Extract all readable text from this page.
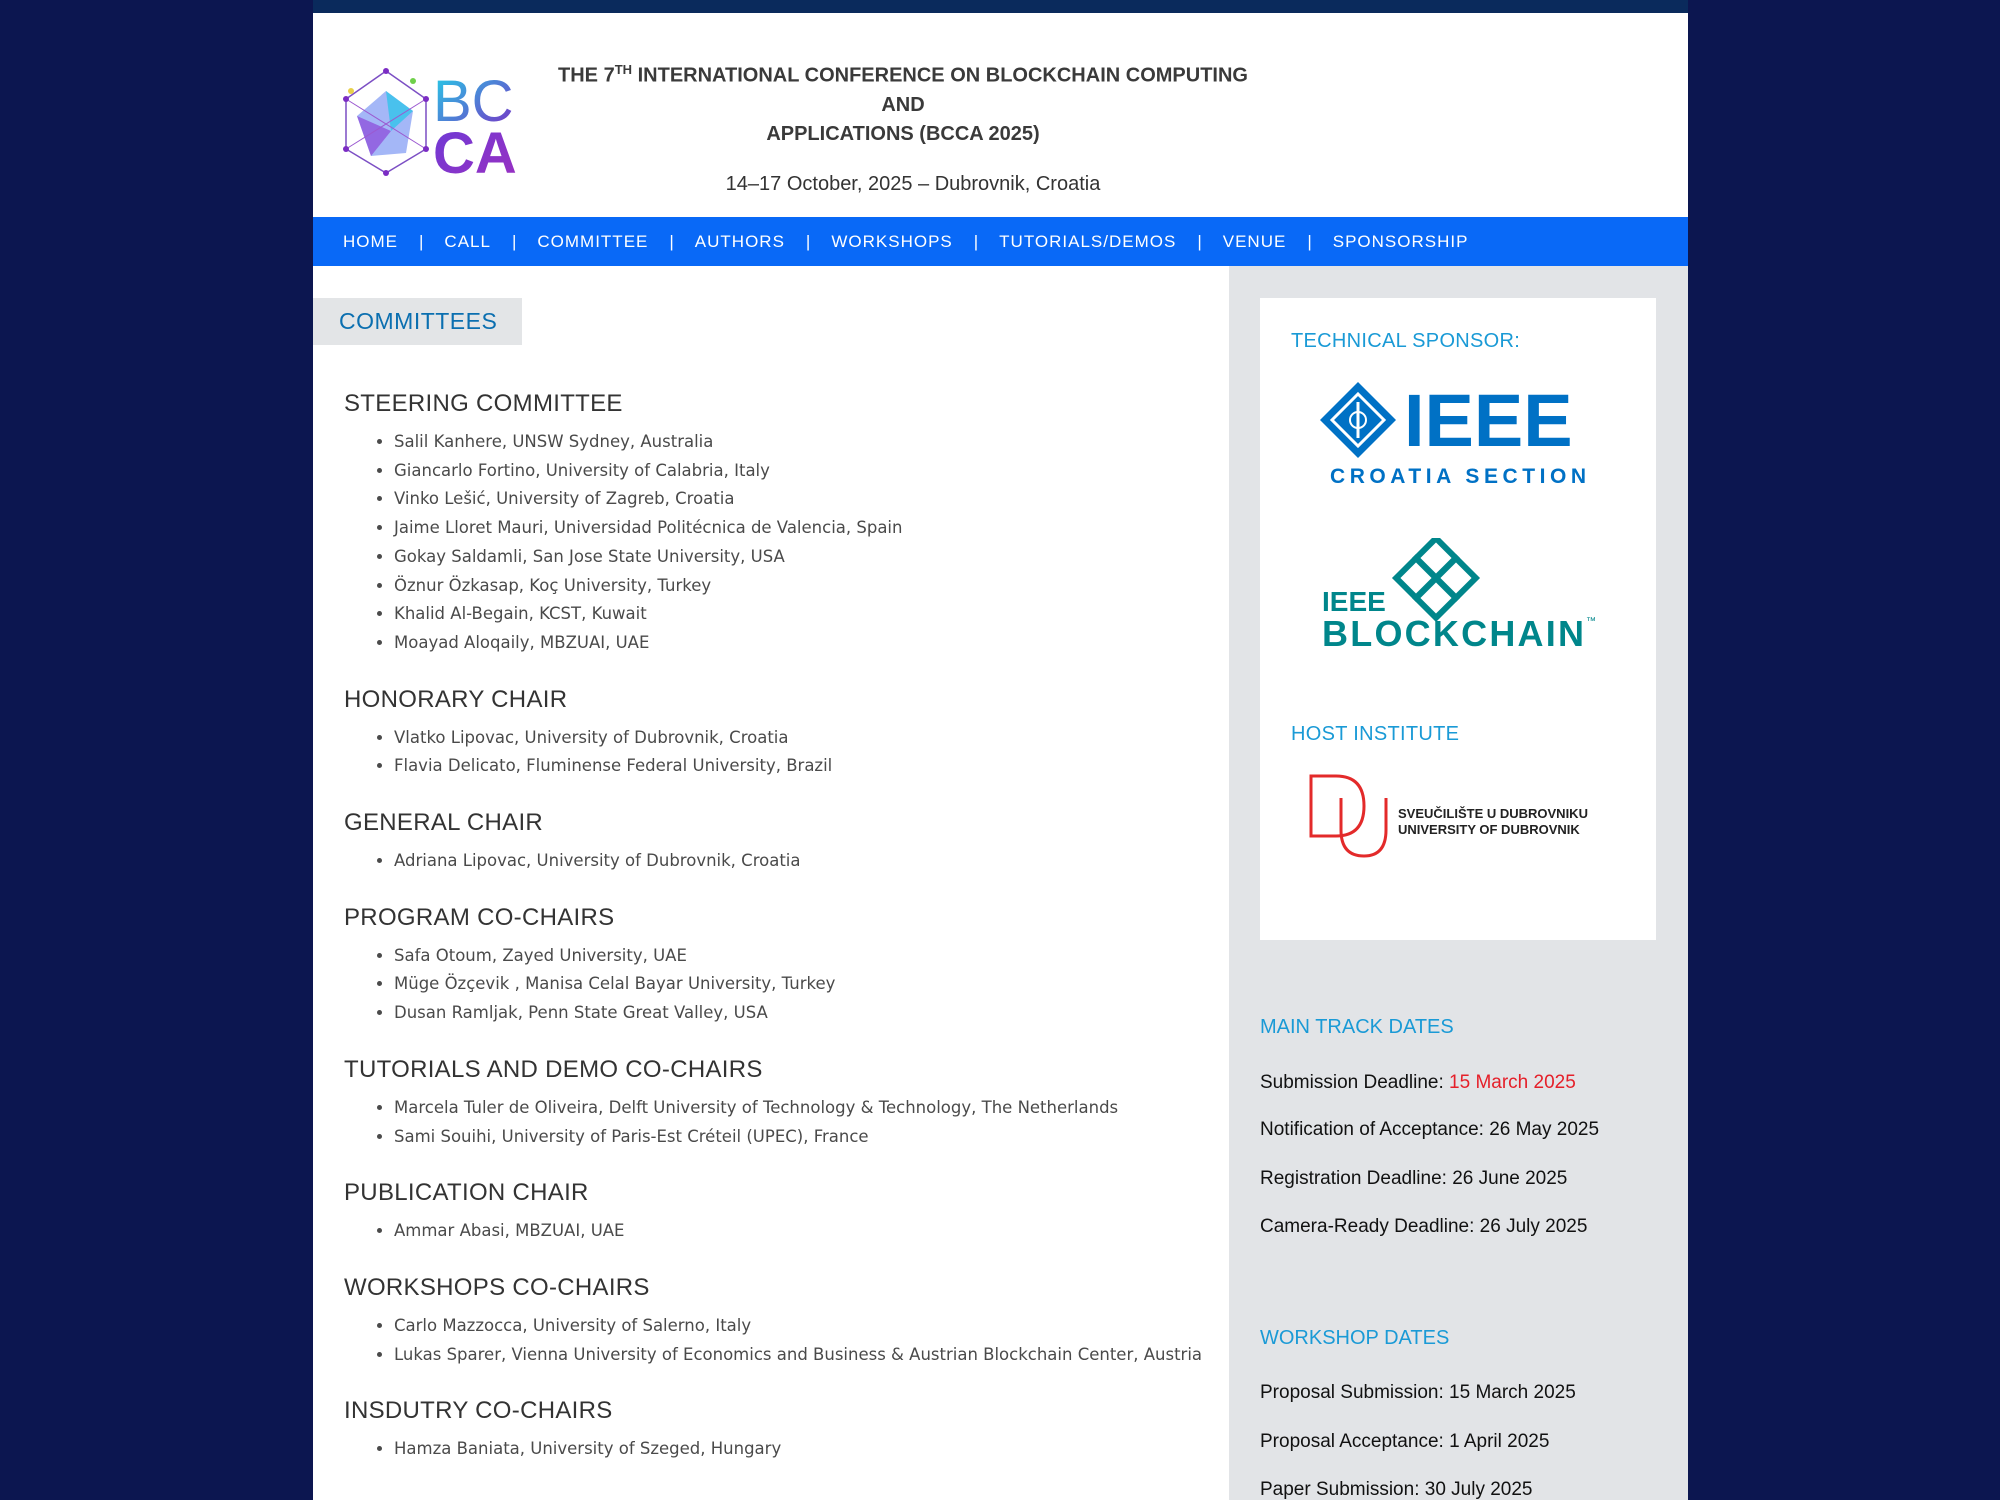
BC
CA

THE 7TH INTERNATIONAL CONFERENCE ON BLOCKCHAIN COMPUTING AND

APPLICATIONS (BCCA 2025)

14–17 October, 2025 – Dubrovnik, Croatia
HOME	|	CALL	|	COMMITTEE	|	AUTHORS	|	WORKSHOPS	|	TUTORIALS/DEMOS	|	VENUE	|	SPONSORSHIP
COMMITTEES
STEERING COMMITTEE
• Salil Kanhere, UNSW Sydney, Australia
• Giancarlo Fortino, University of Calabria, Italy
• Vinko Lešić, University of Zagreb, Croatia
• Jaime Lloret Mauri, Universidad Politécnica de Valencia, Spain
• Gokay Saldamli, San Jose State University, USA
• Öznur Özkasap, Koç University, Turkey
• Khalid Al-Begain, KCST, Kuwait
• Moayad Aloqaily, MBZUAI, UAE
HONORARY CHAIR
• Vlatko Lipovac, University of Dubrovnik, Croatia
• Flavia Delicato, Fluminense Federal University, Brazil
GENERAL CHAIR
• Adriana Lipovac, University of Dubrovnik, Croatia
PROGRAM CO-CHAIRS
• Safa Otoum, Zayed University, UAE
• Müge Özçevik , Manisa Celal Bayar University, Turkey
• Dusan Ramljak, Penn State Great Valley, USA
TUTORIALS AND DEMO CO-CHAIRS
• Marcela Tuler de Oliveira, Delft University of Technology & Technology, The Netherlands
• Sami Souihi, University of Paris-Est Créteil (UPEC), France
PUBLICATION CHAIR
• Ammar Abasi, MBZUAI, UAE
WORKSHOPS CO-CHAIRS
• Carlo Mazzocca, University of Salerno, Italy
• Lukas Sparer, Vienna University of Economics and Business & Austrian Blockchain Center, Austria
INSDUTRY CO-CHAIRS
• Hamza Baniata, University of Szeged, Hungary
TECHNICAL SPONSOR:
IEEE
CROATIA SECTION
IEEE
BLOCKCHAIN ™
HOST INSTITUTE
SVEUČILIŠTE U DUBROVNIKU
UNIVERSITY OF DUBROVNIK
MAIN TRACK DATES
Submission Deadline: 15 March 2025
Notification of Acceptance: 26 May 2025
Registration Deadline: 26 June 2025
Camera-Ready Deadline: 26 July 2025
WORKSHOP DATES
Proposal Submission: 15 March 2025
Proposal Acceptance: 1 April 2025
Paper Submission: 30 July 2025
